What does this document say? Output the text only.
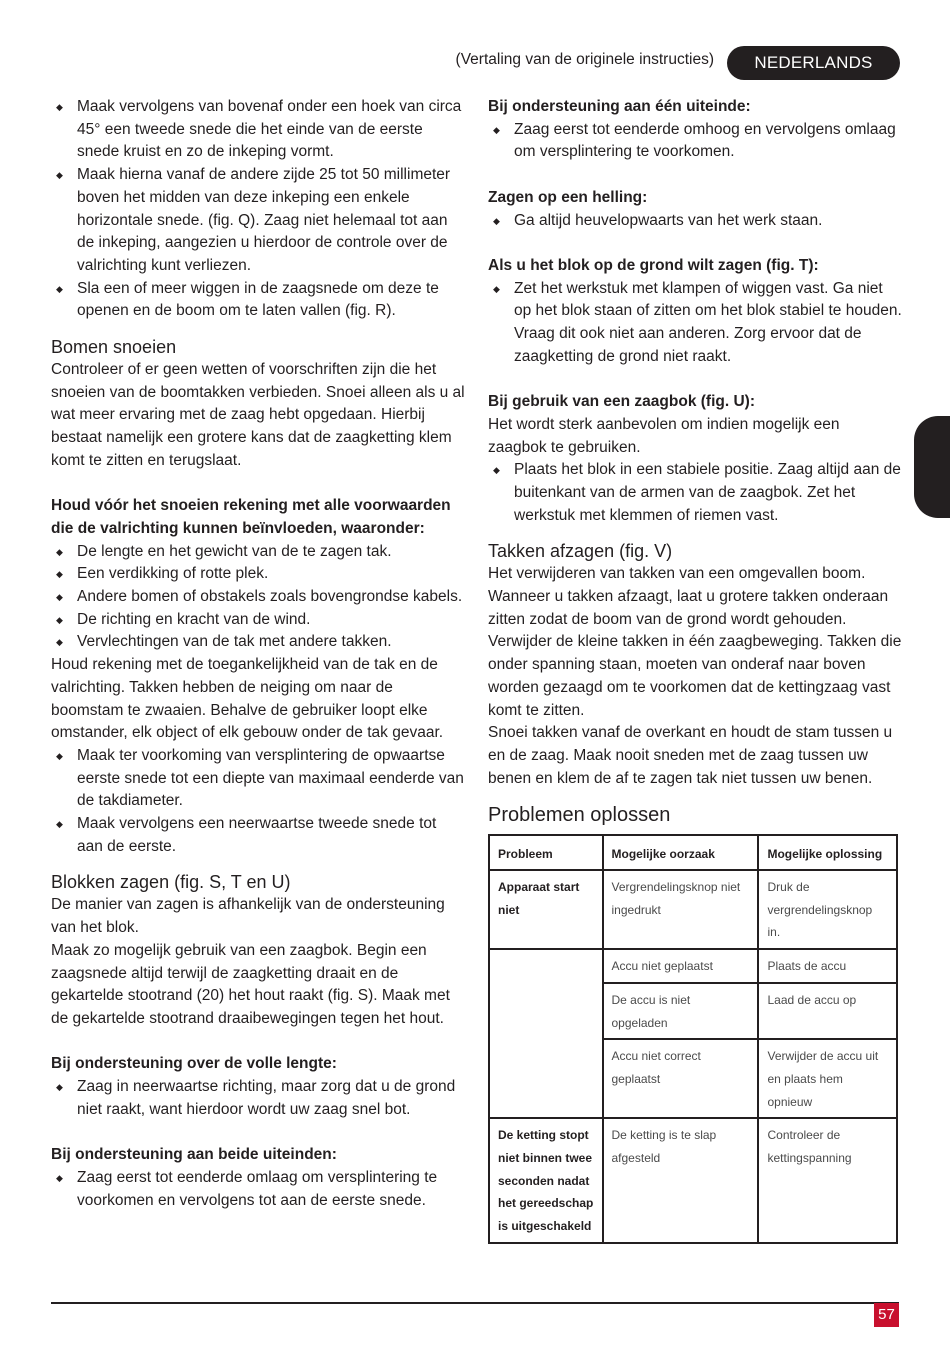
(Vertaling van de originele instructies)	NEDERLANDS
◆ Maak vervolgens van bovenaf onder een hoek van circa 45° een tweede snede die het einde van de eerste snede kruist en zo de inkeping vormt.
◆ Maak hierna vanaf de andere zijde 25 tot 50 millimeter boven het midden van deze inkeping een enkele horizontale snede. (fig. Q). Zaag niet helemaal tot aan de inkeping, aangezien u hierdoor de controle over de valrichting kunt verliezen.
◆ Sla een of meer wiggen in de zaagsnede om deze te openen en de boom om te laten vallen (fig. R).
Bomen snoeien

Controleer of er geen wetten of voorschriften zijn die het snoeien van de boomtakken verbieden. Snoei alleen als u al wat meer ervaring met de zaag hebt opgedaan. Hierbij bestaat namelijk een grotere kans dat de zaagketting klem komt te zitten en terugslaat.

Houd vóór het snoeien rekening met alle voorwaarden die de valrichting kunnen beïnvloeden, waaronder:

◆ De lengte en het gewicht van de te zagen tak.
◆ Een verdikking of rotte plek.
◆ Andere bomen of obstakels zoals bovengrondse kabels.
◆ De richting en kracht van de wind.
◆ Vervlechtingen van de tak met andere takken.

Houd rekening met de toegankelijkheid van de tak en de valrichting. Takken hebben de neiging om naar de boomstam te zwaaien. Behalve de gebruiker loopt elke omstander, elk object of elk gebouw onder de tak gevaar.

◆ Maak ter voorkoming van versplintering de opwaartse eerste snede tot een diepte van maximaal eenderde van de takdiameter.
◆ Maak vervolgens een neerwaartse tweede snede tot aan de eerste.
Blokken zagen (fig. S, T en U)

De manier van zagen is afhankelijk van de ondersteuning van het blok.

Maak zo mogelijk gebruik van een zaagbok. Begin een zaagsnede altijd terwijl de zaagketting draait en de gekartelde stootrand (20) het hout raakt (fig. S). Maak met de gekartelde stootrand draaibewegingen tegen het hout.

Bij ondersteuning over de volle lengte:

◆ Zaag in neerwaartse richting, maar zorg dat u de grond niet raakt, want hierdoor wordt uw zaag snel bot.

Bij ondersteuning aan beide uiteinden:

◆ Zaag eerst tot eenderde omlaag om versplintering te voorkomen en vervolgens tot aan de eerste snede.

Bij ondersteuning aan één uiteinde:

◆ Zaag eerst tot eenderde omhoog en vervolgens omlaag om versplintering te voorkomen.

Zagen op een helling:

◆ Ga altijd heuvelopwaarts van het werk staan.

Als u het blok op de grond wilt zagen (fig. T):

◆ Zet het werkstuk met klampen of wiggen vast. Ga niet op het blok staan of zitten om het blok stabiel te houden. Vraag dit ook niet aan anderen. Zorg ervoor dat de zaagketting de grond niet raakt.

Bij gebruik van een zaagbok (fig. U):

Het wordt sterk aanbevolen om indien mogelijk een zaagbok te gebruiken.

◆ Plaats het blok in een stabiele positie. Zaag altijd aan de buitenkant van de armen van de zaagbok. Zet het werkstuk met klemmen of riemen vast.
Takken afzagen (fig. V)

Het verwijderen van takken van een omgevallen boom. Wanneer u takken afzaagt, laat u grotere takken onderaan zitten zodat de boom van de grond wordt gehouden. Verwijder de kleine takken in één zaagbeweging. Takken die onder spanning staan, moeten van onderaf naar boven worden gezaagd om te voorkomen dat de kettingzaag vast komt te zitten.

Snoei takken vanaf de overkant en houdt de stam tussen u en de zaag. Maak nooit sneden met de zaag tussen uw benen en klem de af te zagen tak niet tussen uw benen.

Problemen oplossen
Probleem	Mogelijke oorzaak	Mogelijke oplossing
Apparaat start niet	Vergrendelingsknop niet ingedrukt	Druk de vergrendelingsknop in.
	Accu niet geplaatst	Plaats de accu
	De accu is niet opgeladen	Laad de accu op
	Accu niet correct geplaatst	Verwijder de accu uit en plaats hem opnieuw
De ketting stopt niet binnen twee seconden nadat het gereedschap is uitgeschakeld	De ketting is te slap afgesteld	Controleer de kettingspanning
57
